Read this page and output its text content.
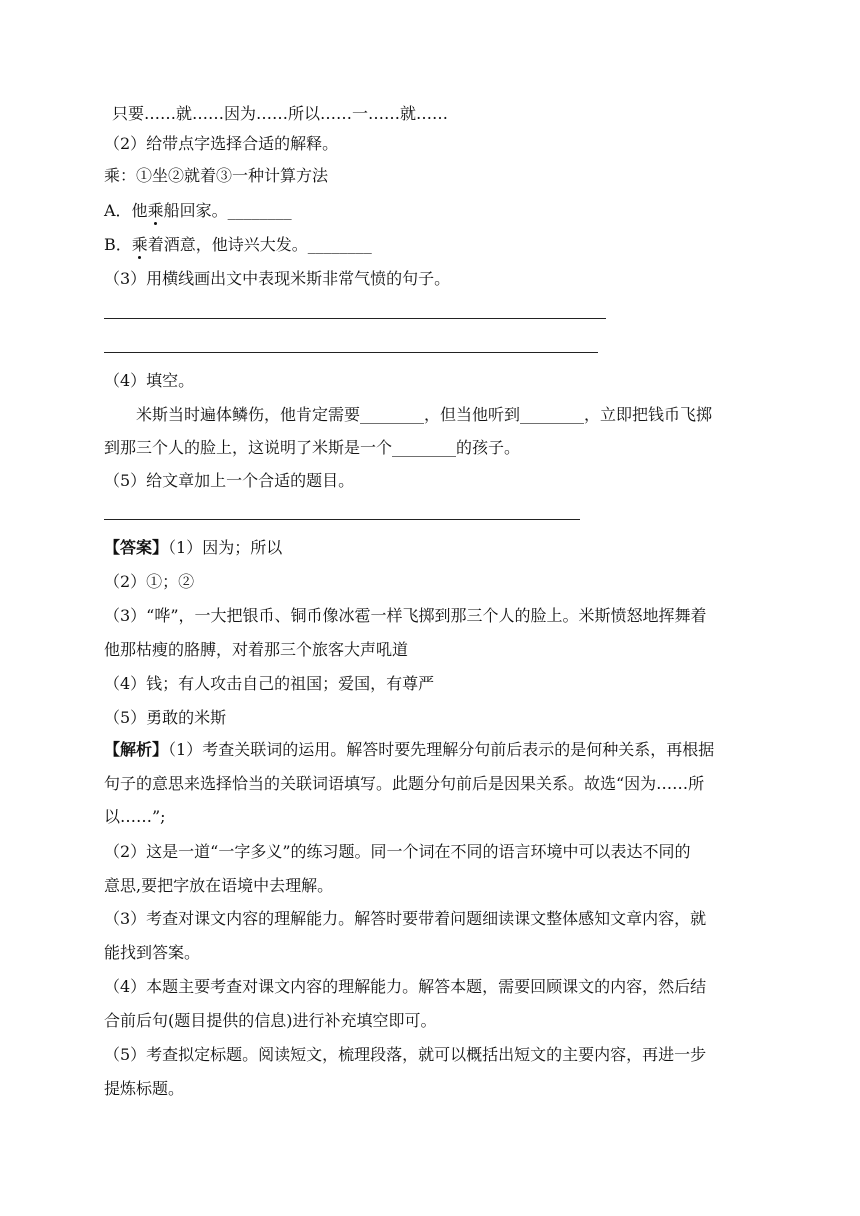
只要……就……因为……所以……一……就……
（2）给带点字选择合适的解释。
乘：①坐②就着③一种计算方法
A．他乘船回家。________
B．乘着酒意，他诗兴大发。________
（3）用横线画出文中表现米斯非常气愤的句子。
（4）填空。
米斯当时遍体鳞伤，他肯定需要________，但当他听到________，立即把钱币飞掷
到那三个人的脸上，这说明了米斯是一个________的孩子。
（5）给文章加上一个合适的题目。
【答案】（1）因为；所以
（2）①；②
（3）“哗”，一大把银币、铜币像冰雹一样飞掷到那三个人的脸上。米斯愤怒地挥舞着
他那枯瘦的胳膊，对着那三个旅客大声吼道
（4）钱；有人攻击自己的祖国；爱国，有尊严
（5）勇敢的米斯
【解析】（1）考查关联词的运用。解答时要先理解分句前后表示的是何种关系，再根据
句子的意思来选择恰当的关联词语填写。此题分句前后是因果关系。故选“因为……所
以……”;
（2）这是一道“一字多义”的练习题。同一个词在不同的语言环境中可以表达不同的
意思,要把字放在语境中去理解。
（3）考查对课文内容的理解能力。解答时要带着问题细读课文整体感知文章内容，就
能找到答案。
（4）本题主要考查对课文内容的理解能力。解答本题，需要回顾课文的内容，然后结
合前后句(题目提供的信息)进行补充填空即可。
（5）考查拟定标题。阅读短文，梳理段落，就可以概括出短文的主要内容，再进一步
提炼标题。
